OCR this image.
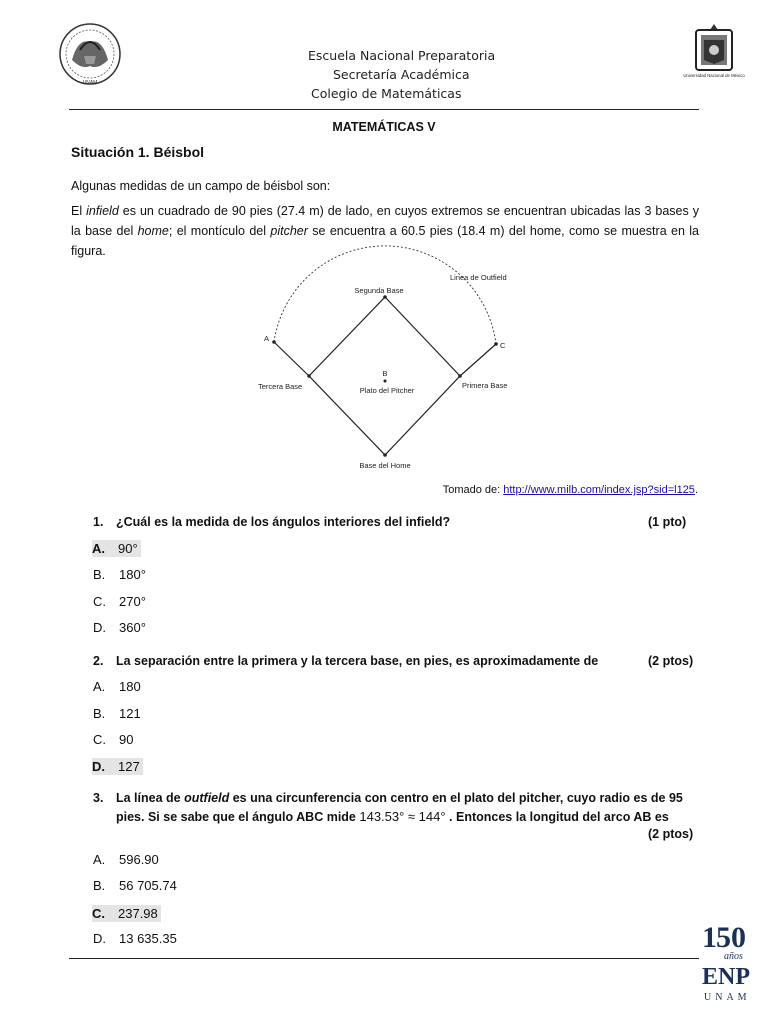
UNAM
Escuela Nacional Preparatoria
Secretaría Académica
Colegio de Matemáticas
Universidad Nacional de México
MATEMÁTICAS V
Situación 1. Béisbol
Algunas medidas de un campo de béisbol son:
El infield es un cuadrado de 90 pies (27.4 m) de lado, en cuyos extremos se encuentran ubicadas las 3 bases y la base del home; el montículo del pitcher se encuentra a 60.5 pies (18.4 m) del home, como se muestra en la figura.
Linea de Outfield
Segunda Base
Tercera Base	Primera Base
Plato del Pitcher
B
Base del Home
A
C
Tomado de: http://www.milb.com/index.jsp?sid=l125.
1. ¿Cuál es la medida de los ángulos interiores del infield?	(1 pto)
A. 90°
B. 180°
C. 270°
D. 360°
2. La separación entre la primera y la tercera base, en pies, es aproximadamente de	(2 ptos)
A. 180
B. 121
C. 90
D. 127
3. La línea de outfield es una circunferencia con centro en el plato del pitcher, cuyo radio es de 95
pies. Si se sabe que el ángulo ABC mide 143.53° ≈ 144° . Entonces la longitud del arco AB es
(2 ptos)
A. 596.90
B. 56 705.74
C. 237.98
D. 13 635.35	1 50
años
ENP
UNAM
